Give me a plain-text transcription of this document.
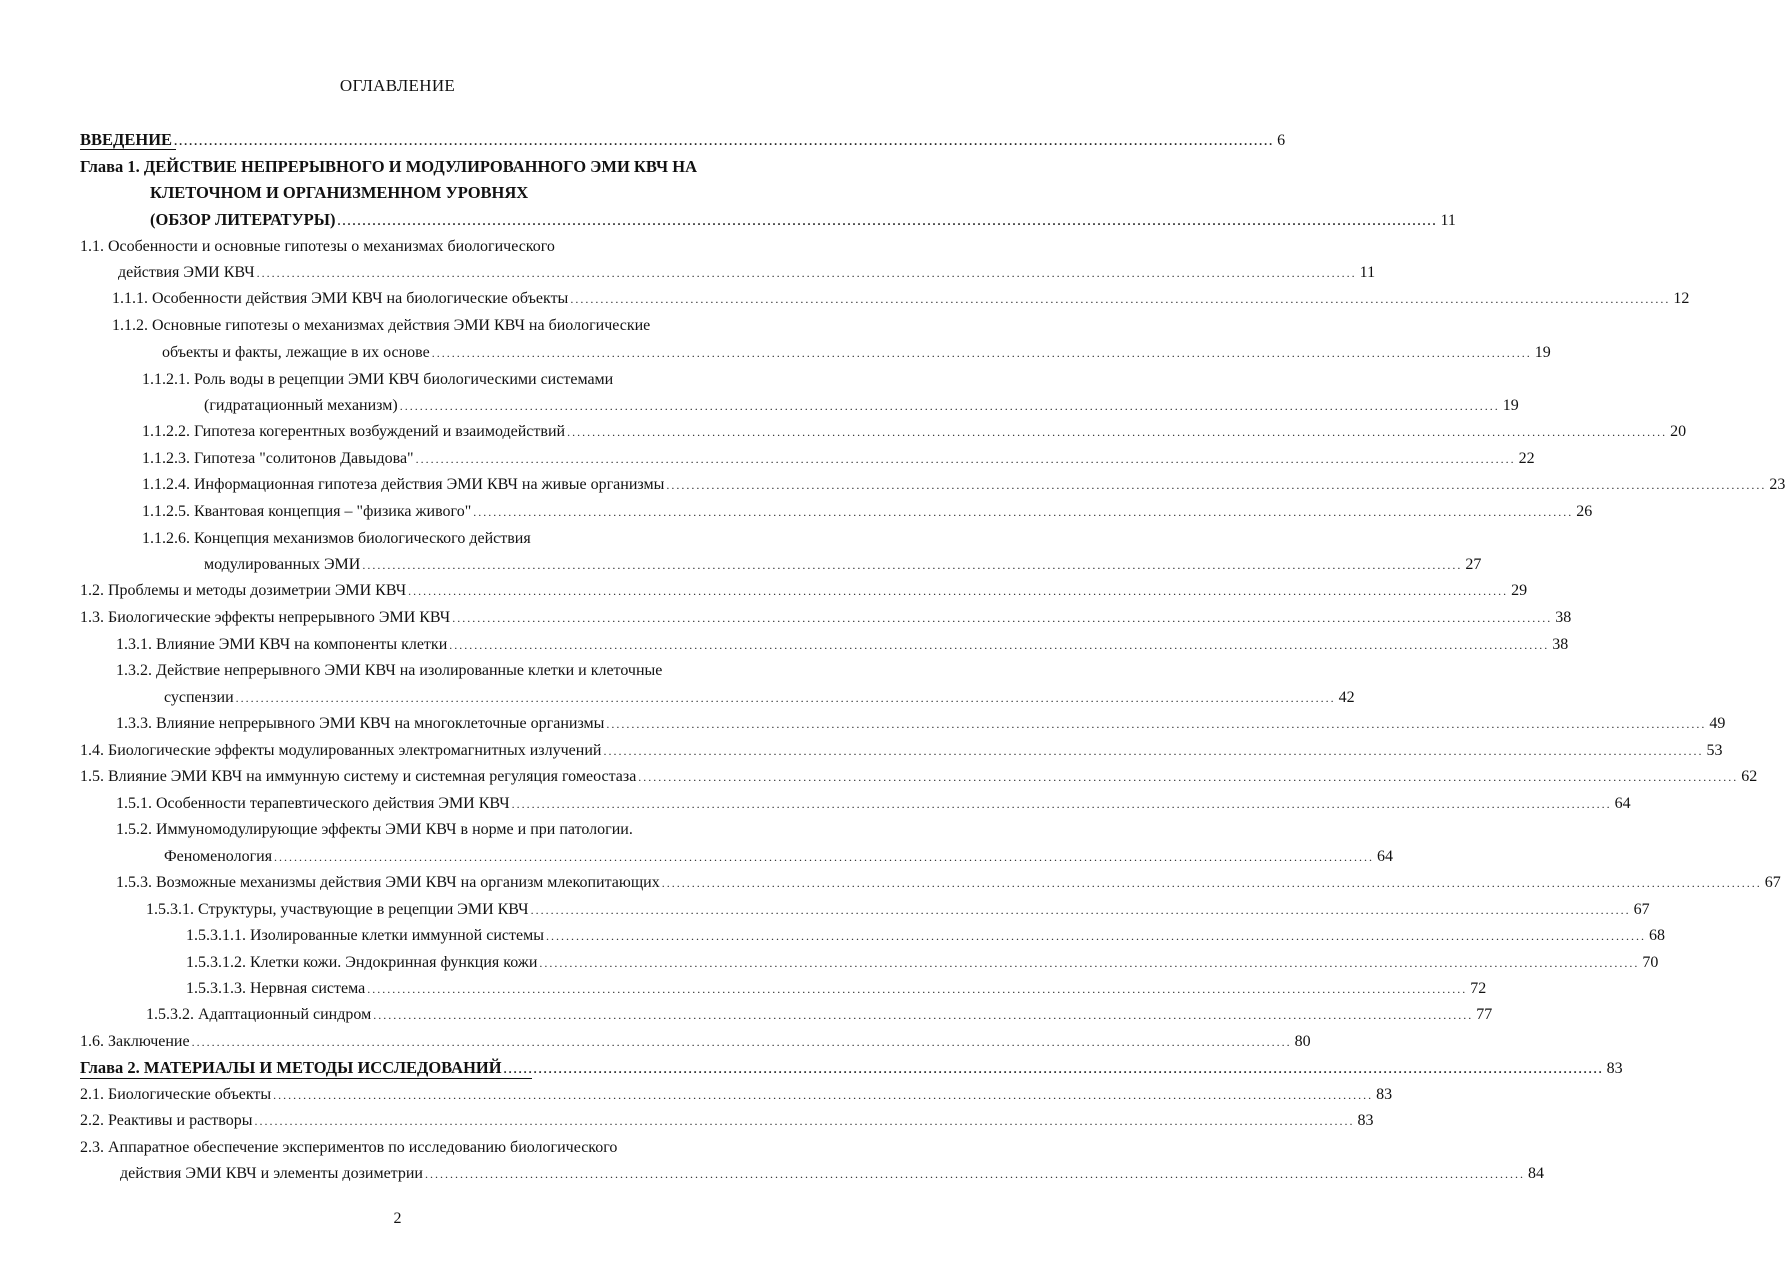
ОГЛАВЛЕНИЕ
ВВЕДЕНИЕ ............................................................................................................................................................................................................................ 6
Глава 1. ДЕЙСТВИЕ НЕПРЕРЫВНОГО И МОДУЛИРОВАННОГО ЭМИ КВЧ НА
КЛЕТОЧНОМ И ОРГАНИЗМЕННОМ УРОВНЯХ
(ОБЗОР ЛИТЕРАТУРЫ) ............................................................................................................................................................................................................................ 11
1.1. Особенности и основные гипотезы о механизмах биологического
действия ЭМИ КВЧ ............................................................................................................................................................................................................................ 11
1.1.1. Особенности действия ЭМИ КВЧ на биологические объекты ............................................................................................................................................................................................................................ 12
1.1.2. Основные гипотезы о механизмах действия ЭМИ КВЧ на биологические
объекты и факты, лежащие в их основе ............................................................................................................................................................................................................................ 19
1.1.2.1. Роль воды в рецепции ЭМИ КВЧ биологическими системами
(гидратационный механизм) ............................................................................................................................................................................................................................ 19
1.1.2.2. Гипотеза когерентных возбуждений и взаимодействий ............................................................................................................................................................................................................................ 20
1.1.2.3. Гипотеза "солитонов Давыдова" ............................................................................................................................................................................................................................ 22
1.1.2.4. Информационная гипотеза действия ЭМИ КВЧ на живые организмы ............................................................................................................................................................................................................................ 23
1.1.2.5. Квантовая концепция – "физика живого" ............................................................................................................................................................................................................................ 26
1.1.2.6. Концепция механизмов биологического действия
модулированных ЭМИ ............................................................................................................................................................................................................................ 27
1.2. Проблемы и методы дозиметрии ЭМИ КВЧ ............................................................................................................................................................................................................................ 29
1.3. Биологические эффекты непрерывного ЭМИ КВЧ ............................................................................................................................................................................................................................ 38
1.3.1. Влияние ЭМИ КВЧ на компоненты клетки ............................................................................................................................................................................................................................ 38
1.3.2. Действие непрерывного ЭМИ КВЧ на изолированные клетки и клеточные
суспензии ............................................................................................................................................................................................................................ 42
1.3.3. Влияние непрерывного ЭМИ КВЧ на многоклеточные организмы ............................................................................................................................................................................................................................ 49
1.4. Биологические эффекты модулированных электромагнитных излучений ............................................................................................................................................................................................................................ 53
1.5. Влияние ЭМИ КВЧ на иммунную систему и системная регуляция гомеостаза ............................................................................................................................................................................................................................ 62
1.5.1. Особенности терапевтического действия ЭМИ КВЧ ............................................................................................................................................................................................................................ 64
1.5.2. Иммуномодулирующие эффекты ЭМИ КВЧ в норме и при патологии.
Феноменология ............................................................................................................................................................................................................................ 64
1.5.3. Возможные механизмы действия ЭМИ КВЧ на организм млекопитающих ............................................................................................................................................................................................................................ 67
1.5.3.1. Структуры, участвующие в рецепции ЭМИ КВЧ ............................................................................................................................................................................................................................ 67
1.5.3.1.1. Изолированные клетки иммунной системы ............................................................................................................................................................................................................................ 68
1.5.3.1.2. Клетки кожи. Эндокринная функция кожи ............................................................................................................................................................................................................................ 70
1.5.3.1.3. Нервная система ............................................................................................................................................................................................................................ 72
1.5.3.2. Адаптационный синдром ............................................................................................................................................................................................................................ 77
1.6. Заключение ............................................................................................................................................................................................................................ 80
Глава 2. МАТЕРИАЛЫ И МЕТОДЫ ИССЛЕДОВАНИЙ ............................................................................................................................................................................................................................ 83
2.1. Биологические объекты ............................................................................................................................................................................................................................ 83
2.2. Реактивы и растворы ............................................................................................................................................................................................................................ 83
2.3. Аппаратное обеспечение экспериментов по исследованию биологического
действия ЭМИ КВЧ и элементы дозиметрии ............................................................................................................................................................................................................................ 84
2
